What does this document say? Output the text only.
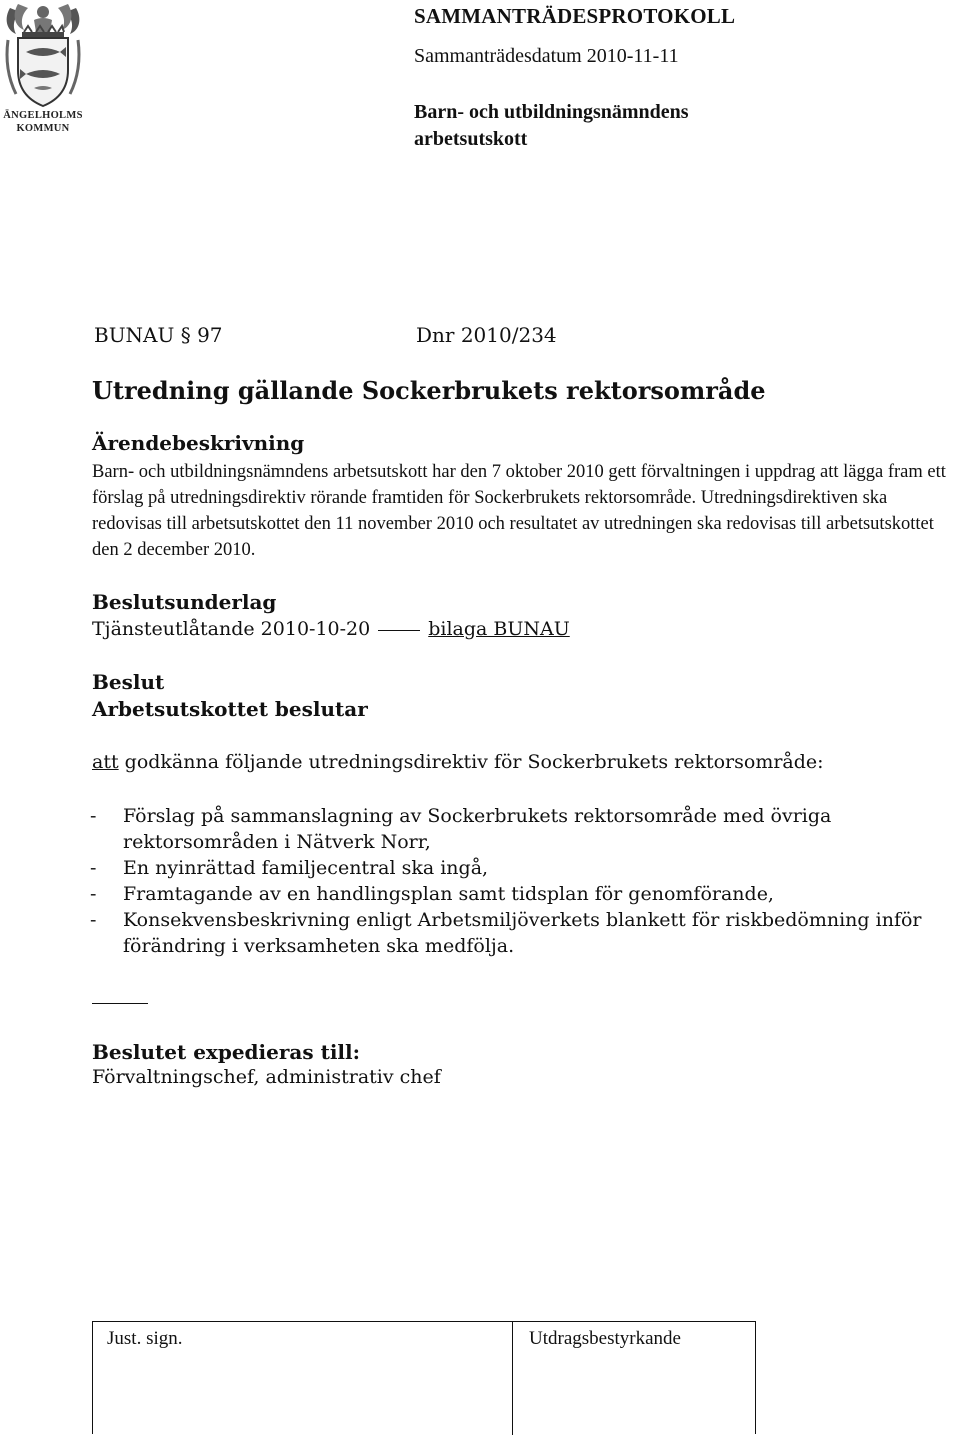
ÄNGELHOLMS
KOMMUN
SAMMANTRÄDESPROTOKOLL
Sammanträdesdatum 2010-11-11
Barn- och utbildningsnämndens arbetsutskott
BUNAU § 97	Dnr 2010/234
Utredning gällande Sockerbrukets rektorsområde
Ärendebeskrivning
Barn- och utbildningsnämndens arbetsutskott har den 7 oktober 2010 gett förvaltningen i uppdrag att lägga fram ett förslag på utredningsdirektiv rörande framtiden för Sockerbrukets rektorsområde. Utredningsdirektiven ska redovisas till arbetsutskottet den 11 november 2010 och resultatet av utredningen ska redovisas till arbetsutskottet den 2 december 2010.
Beslutsunderlag
Tjänsteutlåtande 2010-10-20	bilaga BUNAU
Beslut
Arbetsutskottet beslutar
att godkänna följande utredningsdirektiv för Sockerbrukets rektorsområde:
- Förslag på sammanslagning av Sockerbrukets rektorsområde med övriga rektorsområden i Nätverk Norr,
- En nyinrättad familjecentral ska ingå,
- Framtagande av en handlingsplan samt tidsplan för genomförande,
- Konsekvensbeskrivning enligt Arbetsmiljöverkets blankett för riskbedömning inför förändring i verksamheten ska medfölja.
Beslutet expedieras till:
Förvaltningschef, administrativ chef
Just. sign.	Utdragsbestyrkande
